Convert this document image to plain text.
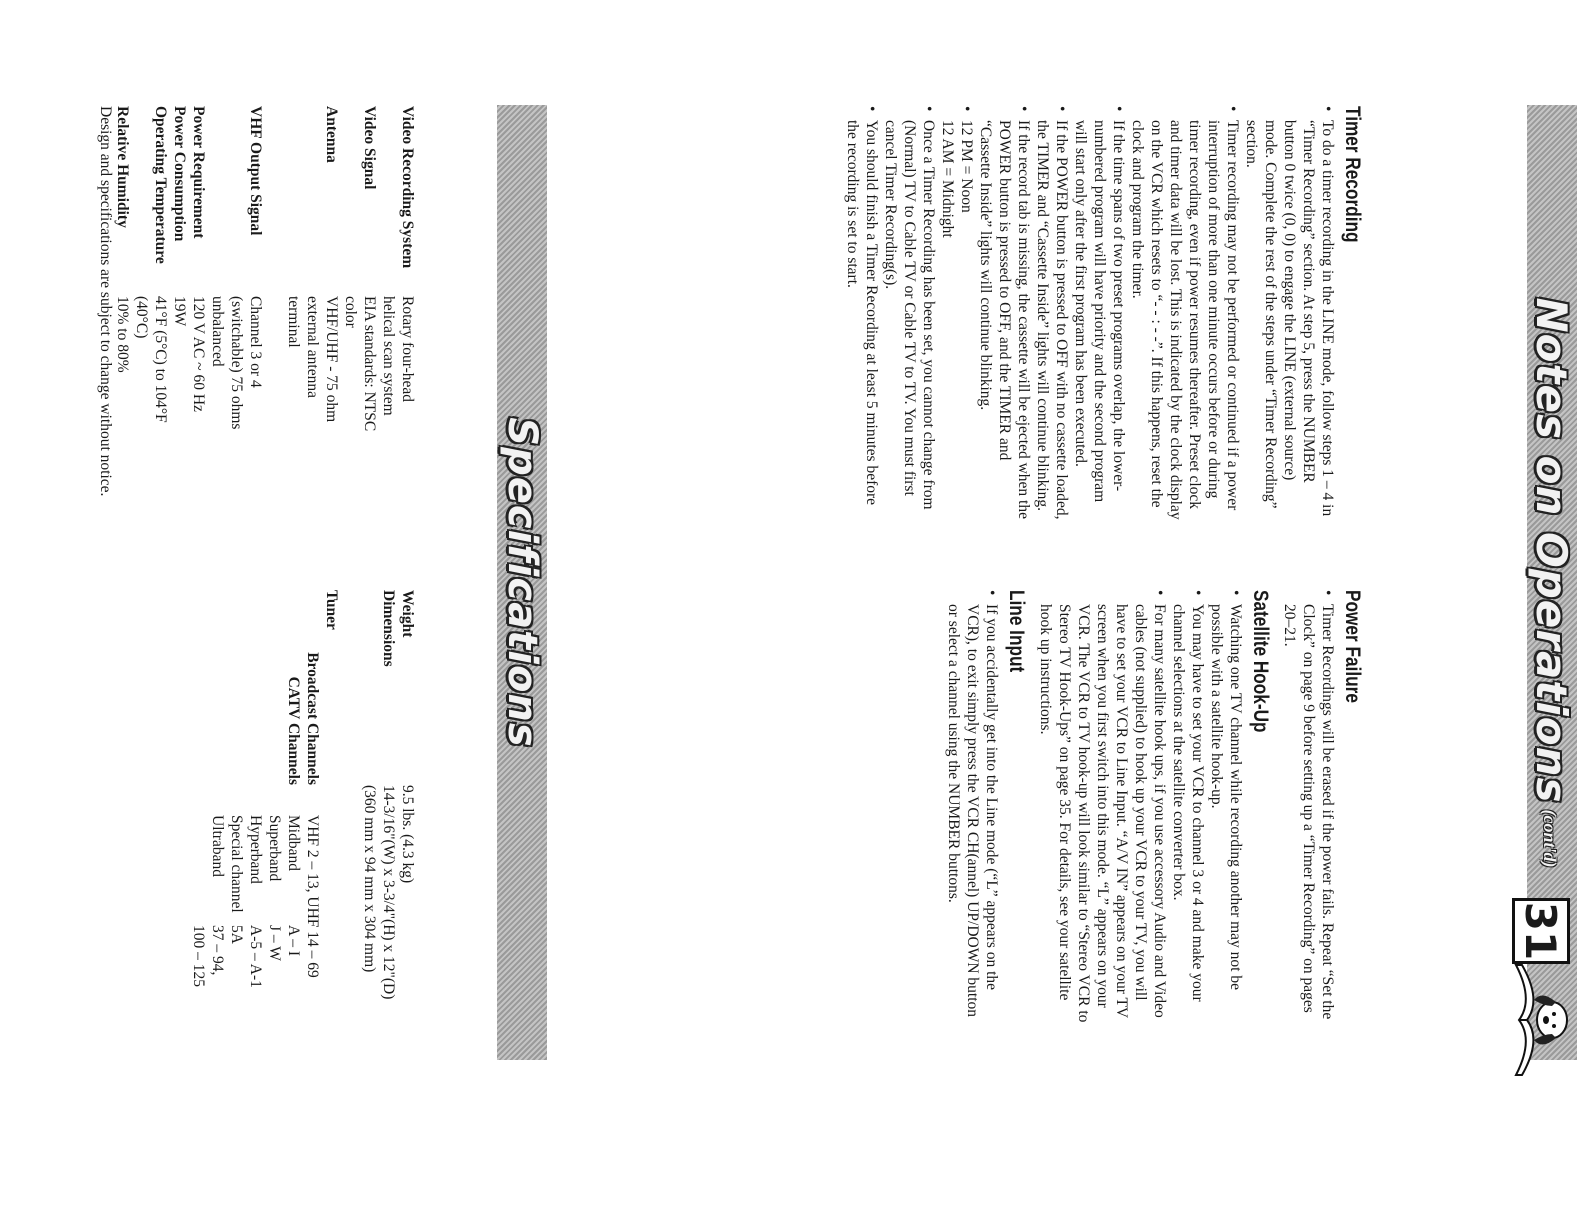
Notes on Operations
(cont'd)
31
Timer Recording
• To do a timer recording in the LINE mode, follow steps 1 – 4 in “Timer Recording” section. At step 5, press the NUMBER button 0 twice (0, 0) to engage the LINE (external source) mode. Complete the rest of the steps under “Timer Recording” section.
• Timer recording may not be performed or continued if a power interruption of more than one minute occurs before or during timer recording, even if power resumes thereafter. Preset clock and timer data will be lost. This is indicated by the clock display on the VCR which resets to “- - : - -”. If this happens, reset the clock and program the timer.
• If the time spans of two preset programs overlap, the lower-numbered program will have priority and the second program will start only after the first program has been executed.
• If the POWER button is pressed to OFF with no cassette loaded, the TIMER and “Cassette Inside” lights will continue blinking.
• If the record tab is missing, the cassette will be ejected when the POWER button is pressed to OFF, and the TIMER and “Cassette Inside” lights will continue blinking.
• 12 PM = Noon
12 AM = Midnight
• Once a Timer Recording has been set, you cannot change from (Normal) TV to Cable TV or Cable TV to TV. You must first cancel Timer Recording(s).
• You should finish a Timer Recording at least 5 minutes before the recording is set to start.
Power Failure
• Timer Recordings will be erased if the power fails. Repeat “Set the Clock” on page 9 before setting up a “Timer Recording” on pages 20–21.
Satellite Hook-Up
• Watching one TV channel while recording another may not be possible with a satellite hook-up.
• You may have to set your VCR to channel 3 or 4 and make your channel selections at the satellite converter box.
• For many satellite hook ups, if you use accessory Audio and Video cables (not supplied) to hook up your VCR to your TV, you will have to set your VCR to Line Input. “A/V IN” appears on your TV screen when you first switch into this mode. “L” appears on your VCR. The VCR to TV hook-up will look similar to “Stereo VCR to Stereo TV Hook-Ups” on page 35. For details, see your satellite hook up instructions.
Line Input
• If you accidentally get into the Line mode (“L” appears on the VCR), to exit simply press the VCR CH(annel) UP/DOWN button or select a channel using the NUMBER buttons.
Specifications
Video Recording System
Rotary four-head helical scan system
Video Signal
EIA standards: NTSC color
Antenna
VHF/UHF - 75 ohm external antenna terminal
VHF Output Signal
Channel 3 or 4 (switchable) 75 ohms unbalanced
Power Requirement
120 V AC ~ 60 Hz
Power Consumption
19W
Operating Temperature
41°F (5°C) to 104°F (40°C)
Relative Humidity
10% to 80%
Weight
9.5 lbs. (4.3 kg)
Dimensions
14-3/16"(W) x 3-3/4"(H) x 12"(D)
(360 mm x 94 mm x 304 mm)
Tuner
Broadcast Channels
VHF 2 – 13, UHF 14 – 69
CATV Channels
Midband
A – I
Superband
J – W
Hyperband
A-5 – A-1
Special channel
5A
Ultraband
37 – 94,
100 – 125
Design and specifications are subject to change without notice.
